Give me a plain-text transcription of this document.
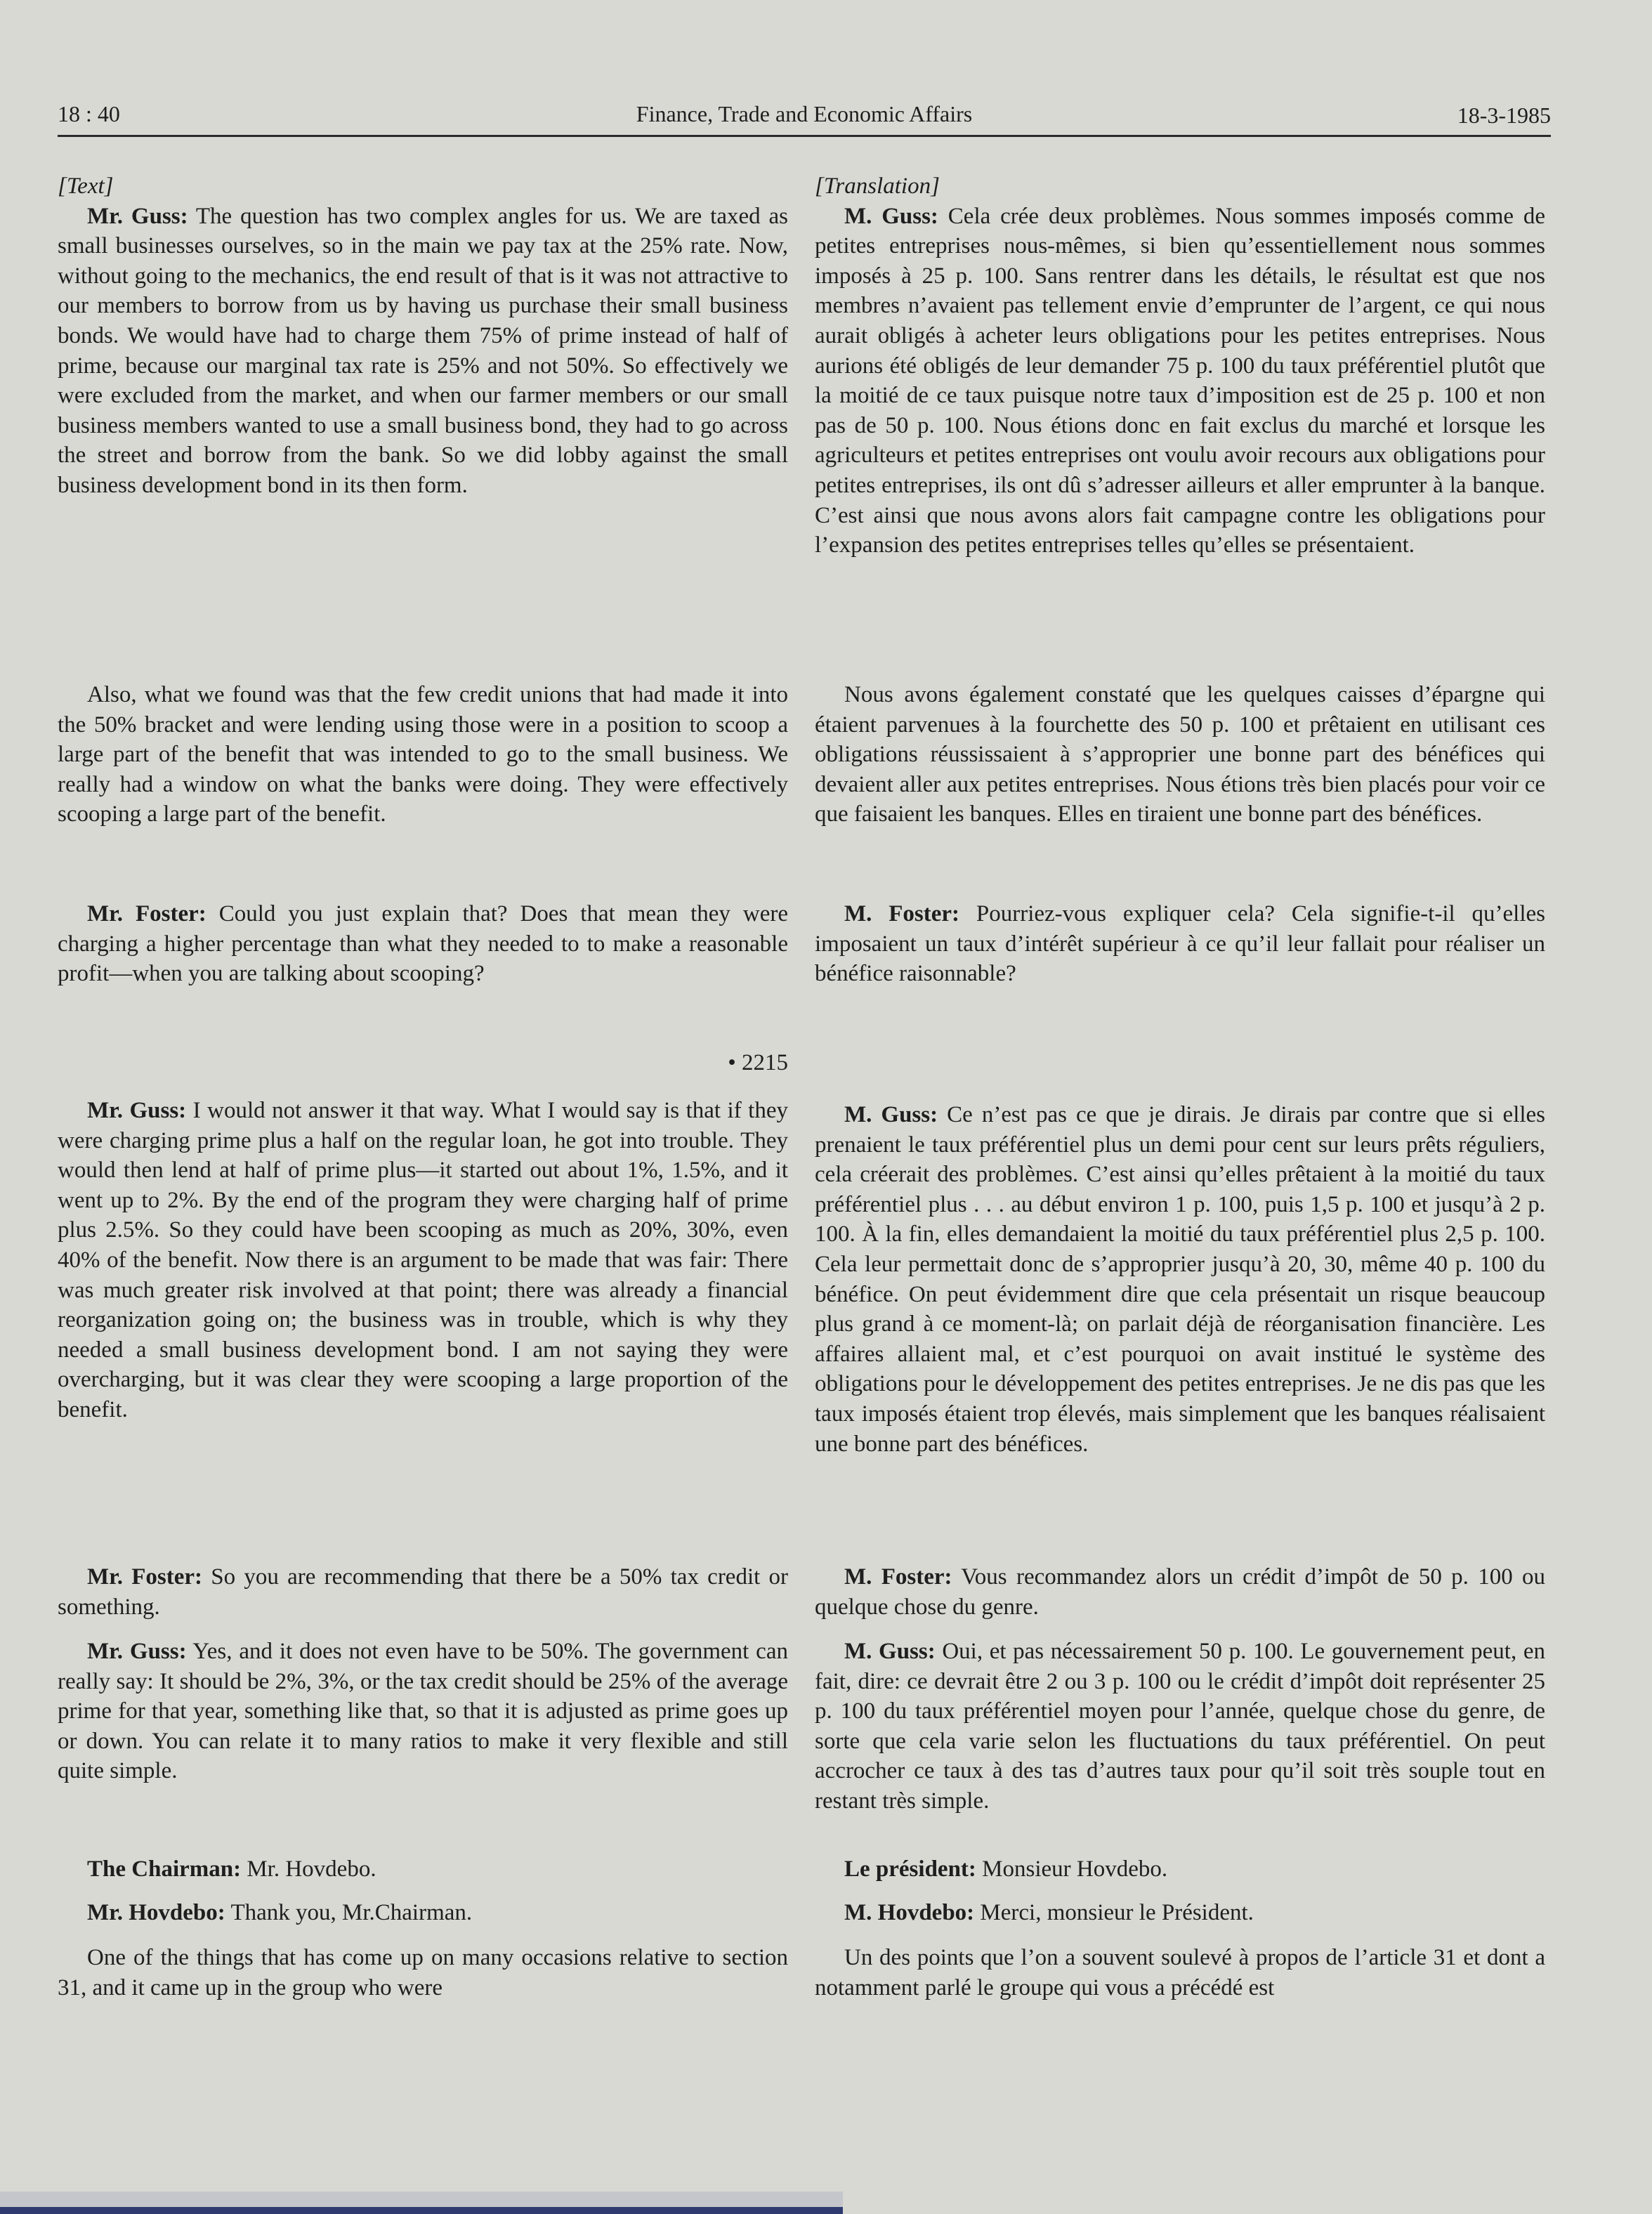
18 : 40	Finance, Trade and Economic Affairs	18-3-1985

[Text]

Mr. Guss: The question has two complex angles for us. We are taxed as small businesses ourselves, so in the main we pay tax at the 25% rate. Now, without going to the mechanics, the end result of that is it was not attractive to our members to borrow from us by having us purchase their small business bonds. We would have had to charge them 75% of prime instead of half of prime, because our marginal tax rate is 25% and not 50%. So effectively we were excluded from the market, and when our farmer members or our small business members wanted to use a small business bond, they had to go across the street and borrow from the bank. So we did lobby against the small business development bond in its then form.

Also, what we found was that the few credit unions that had made it into the 50% bracket and were lending using those were in a position to scoop a large part of the benefit that was intended to go to the small business. We really had a window on what the banks were doing. They were effectively scooping a large part of the benefit.

Mr. Foster: Could you just explain that? Does that mean they were charging a higher percentage than what they needed to to make a reasonable profit—when you are talking about scooping?

• 2215

Mr. Guss: I would not answer it that way. What I would say is that if they were charging prime plus a half on the regular loan, he got into trouble. They would then lend at half of prime plus—it started out about 1%, 1.5%, and it went up to 2%. By the end of the program they were charging half of prime plus 2.5%. So they could have been scooping as much as 20%, 30%, even 40% of the benefit. Now there is an argument to be made that was fair: There was much greater risk involved at that point; there was already a financial reorganization going on; the business was in trouble, which is why they needed a small business development bond. I am not saying they were overcharging, but it was clear they were scooping a large proportion of the benefit.

Mr. Foster: So you are recommending that there be a 50% tax credit or something.

Mr. Guss: Yes, and it does not even have to be 50%. The government can really say: It should be 2%, 3%, or the tax credit should be 25% of the average prime for that year, something like that, so that it is adjusted as prime goes up or down. You can relate it to many ratios to make it very flexible and still quite simple.

The Chairman: Mr. Hovdebo.

Mr. Hovdebo: Thank you, Mr.Chairman.

One of the things that has come up on many occasions relative to section 31, and it came up in the group who were

[Translation]

M. Guss: Cela crée deux problèmes. Nous sommes imposés comme de petites entreprises nous-mêmes, si bien qu’essentiellement nous sommes imposés à 25 p. 100. Sans rentrer dans les détails, le résultat est que nos membres n’avaient pas tellement envie d’emprunter de l’argent, ce qui nous aurait obligés à acheter leurs obligations pour les petites entreprises. Nous aurions été obligés de leur demander 75 p. 100 du taux préférentiel plutôt que la moitié de ce taux puisque notre taux d’imposition est de 25 p. 100 et non pas de 50 p. 100. Nous étions donc en fait exclus du marché et lorsque les agriculteurs et petites entreprises ont voulu avoir recours aux obligations pour petites entreprises, ils ont dû s’adresser ailleurs et aller emprunter à la banque. C’est ainsi que nous avons alors fait campagne contre les obligations pour l’expansion des petites entreprises telles qu’elles se présentaient.

Nous avons également constaté que les quelques caisses d’épargne qui étaient parvenues à la fourchette des 50 p. 100 et prêtaient en utilisant ces obligations réussissaient à s’approprier une bonne part des bénéfices qui devaient aller aux petites entreprises. Nous étions très bien placés pour voir ce que faisaient les banques. Elles en tiraient une bonne part des bénéfices.

M. Foster: Pourriez-vous expliquer cela? Cela signifie-t-il qu’elles imposaient un taux d’intérêt supérieur à ce qu’il leur fallait pour réaliser un bénéfice raisonnable?

M. Guss: Ce n’est pas ce que je dirais. Je dirais par contre que si elles prenaient le taux préférentiel plus un demi pour cent sur leurs prêts réguliers, cela créerait des problèmes. C’est ainsi qu’elles prêtaient à la moitié du taux préférentiel plus . . . au début environ 1 p. 100, puis 1,5 p. 100 et jusqu’à 2 p. 100. À la fin, elles demandaient la moitié du taux préférentiel plus 2,5 p. 100. Cela leur permettait donc de s’approprier jusqu’à 20, 30, même 40 p. 100 du bénéfice. On peut évidemment dire que cela présentait un risque beaucoup plus grand à ce moment-là; on parlait déjà de réorganisation financière. Les affaires allaient mal, et c’est pourquoi on avait institué le système des obligations pour le développement des petites entreprises. Je ne dis pas que les taux imposés étaient trop élevés, mais simplement que les banques réalisaient une bonne part des bénéfices.

M. Foster: Vous recommandez alors un crédit d’impôt de 50 p. 100 ou quelque chose du genre.

M. Guss: Oui, et pas nécessairement 50 p. 100. Le gouvernement peut, en fait, dire: ce devrait être 2 ou 3 p. 100 ou le crédit d’impôt doit représenter 25 p. 100 du taux préférentiel moyen pour l’année, quelque chose du genre, de sorte que cela varie selon les fluctuations du taux préférentiel. On peut accrocher ce taux à des tas d’autres taux pour qu’il soit très souple tout en restant très simple.

Le président: Monsieur Hovdebo.

M. Hovdebo: Merci, monsieur le Président.

Un des points que l’on a souvent soulevé à propos de l’article 31 et dont a notamment parlé le groupe qui vous a précédé est
